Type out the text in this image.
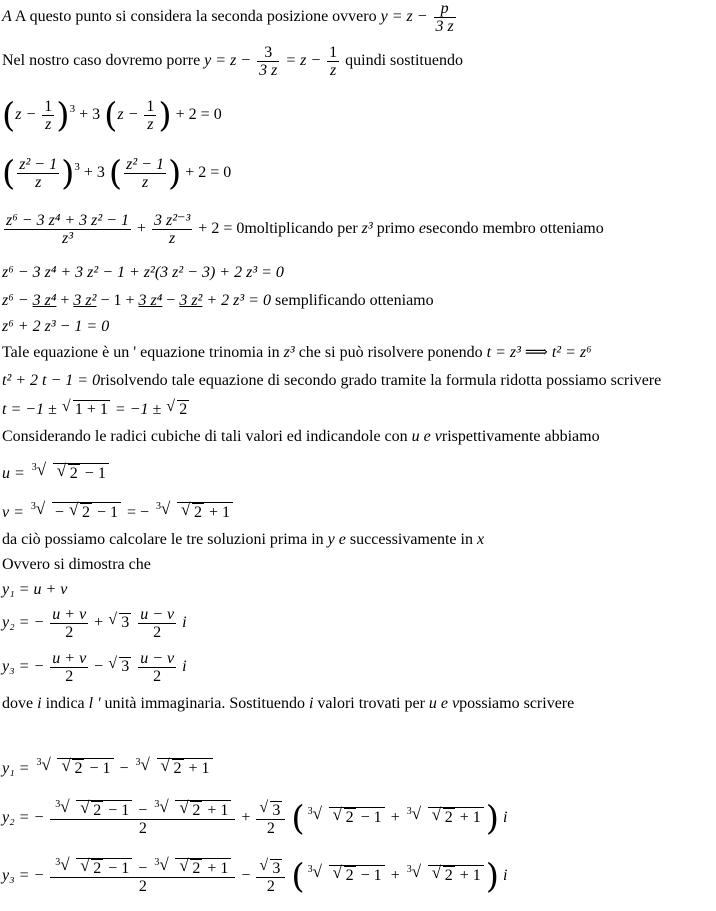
A A questo punto si considera la seconda posizione ovvero $y = z - \frac{p}{3 z}$
Nel nostro caso dovremo porre $y = z - \frac{3}{3 z} = z - \frac{1}{z}$ quindi sostituendo
$(z - \frac{1}{z} )^3 + 3$ ($z - \frac{1}{z}$ ) + 2 = 0
( $\frac{\text{z² − 1}}{z} )^3 + 3$ ( $\frac{\text{z² − 1}}{z}$ ) + 2 = 0
$\frac{\text{z⁶ − 3 z⁴ + 3 z² − 1}}{\text{z³}} + \frac{\text{3 z²⁻³}}{z} + 2$ = 0moltiplicando per z³ primo esecondo membro otteniamo
z⁶ − 3 z⁴ + 3 z² − 1 + z²(3 z² − 3) + 2 z³ = 0
z⁶ − 3 z⁴ + 3 z² − 1 + 3 z⁴ − 3 z² + 2 z³ = 0 semplificando otteniamo
z⁶ + 2 z³ − 1 = 0
Tale equazione è un ' equazione trinomia in z³ che si può risolvere ponendo t = z³ ⟹ t² = z⁶
t² + 2 t − 1 = 0risolvendo tale equazione di secondo grado tramite la formula ridotta possiamo scrivere
t = −1 ± √ 1 + 1 = −1 ± √ 2
Considerando le radici cubiche di tali valori ed indicandole con u e vrispettivamente abbiamo
u = 3 √ √ 2 − 1
v = 3 √ − √ 2 − 1 = − 3 √ √ 2 + 1
da ciò possiamo calcolare le tre soluzioni prima in y e successivamente in x
Ovvero si dimostra che
y₁ = u + v
y₂ = − $\frac{u + v}{2}$ + √ $3 \frac{u - v}{2}$ i
y₃ = − $\frac{u + v}{2}$ − √ $3 \frac{u - v}{2}$ i
dove i indica l ' unità immaginaria. Sostituendo i valori trovati per u e vpossiamo scrivere
y₁ = 3 √ √ 2 − 1 − 3 √ √ 2 + 1
y₂ = − $\frac{3 √ √ 2 - 1 - 3 √ √ 2 + 1}{2} + \frac{√ 3}{2}$ ( 3 √ √ 2 − 1 + 3 √ √ 2 + 1 ) i
y₃ = − $\frac{3 √ √ 2 - 1 - 3 √ √ 2 + 1}{2} - \frac{√ 3}{2}$ ( 3 √ √ 2 − 1 + 3 √ √ 2 + 1 ) i
